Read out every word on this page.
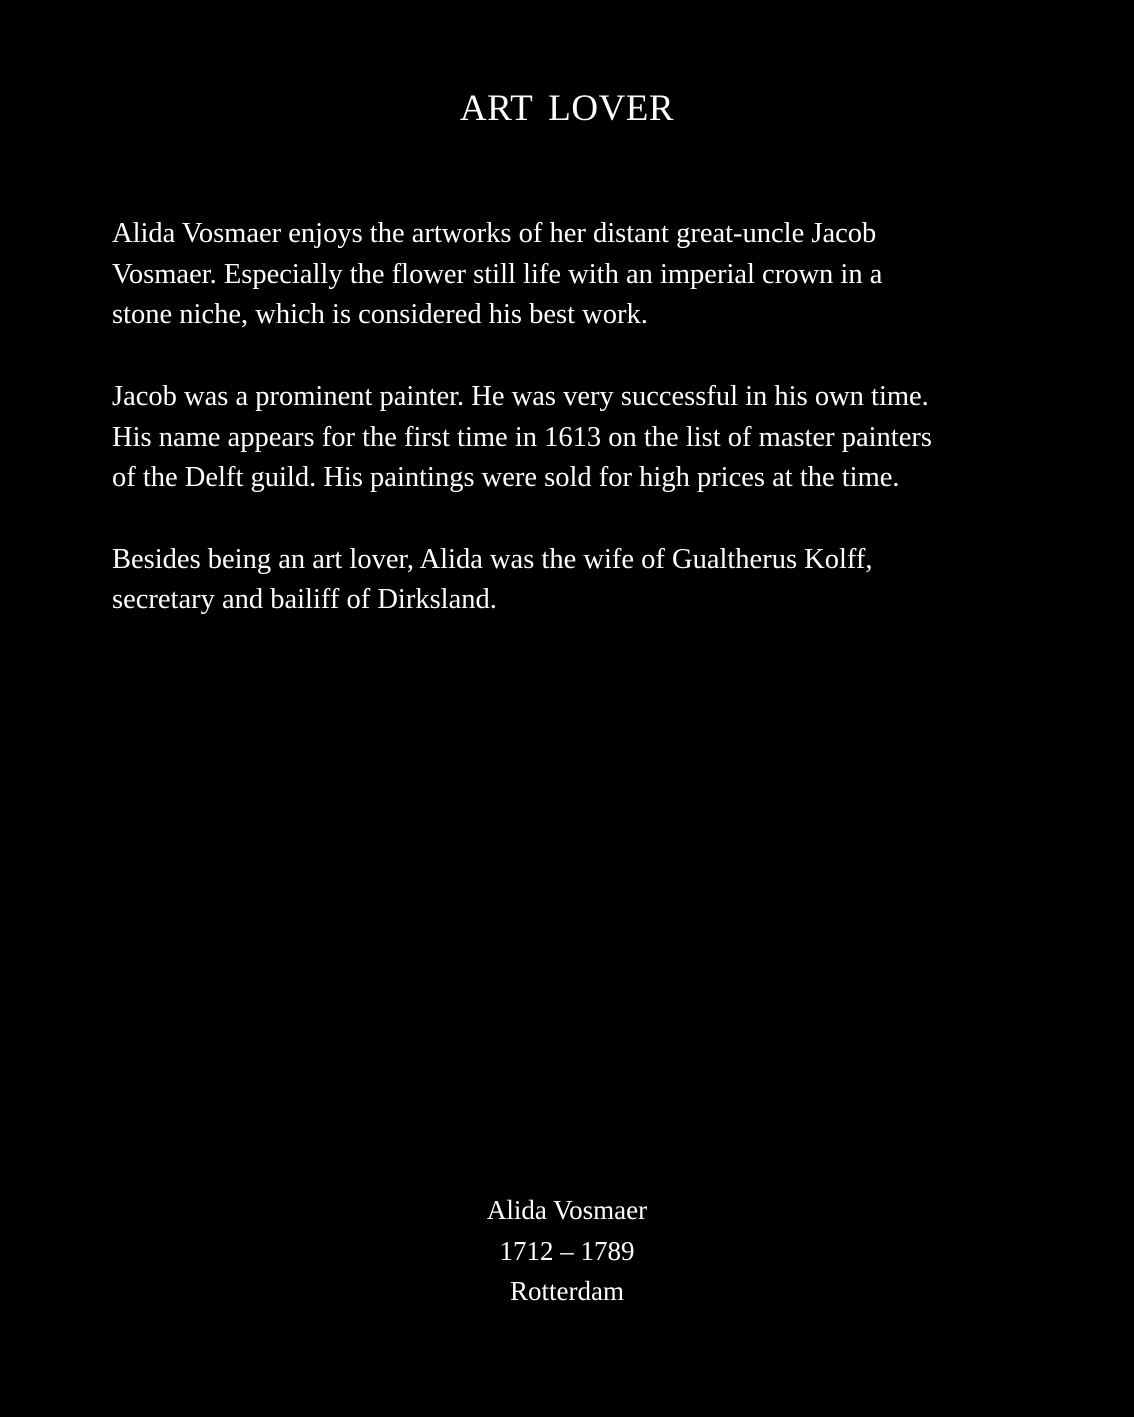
ART LOVER

Alida Vosmaer enjoys the artworks of her distant great-uncle Jacob
Vosmaer. Especially the flower still life with an imperial crown in a
stone niche, which is considered his best work.

Jacob was a prominent painter. He was very successful in his own time.
His name appears for the first time in 1613 on the list of master painters
of the Delft guild. His paintings were sold for high prices at the time.

Besides being an art lover, Alida was the wife of Gualtherus Kolff,
secretary and bailiff of Dirksland.

Alida Vosmaer
1712 – 1789
Rotterdam
